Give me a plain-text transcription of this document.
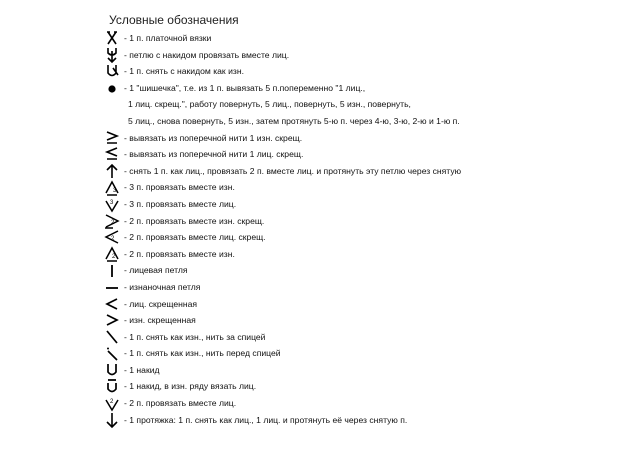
Условные обозначения
- 1 п. платочной вязки
- петлю с накидом провязать вместе лиц.
- 1 п. снять с накидом как изн.
- 1 "шишечка", т.е. из 1 п. вывязать 5 п.попеременно "1 лиц.,
1 лиц. скрещ.", работу повернуть, 5 лиц., повернуть, 5 изн., повернуть,
5 лиц., снова повернуть, 5 изн., затем протянуть 5-ю п. через 4-ю, 3-ю, 2-ю и 1-ю п.
- вывязать из поперечной нити 1 изн. скрещ.
- вывязать из поперечной нити 1 лиц. скрещ.
- снять 1 п. как лиц., провязать 2 п. вместе лиц. и протянуть эту петлю через снятую
3 - 3 п. провязать вместе изн.
3 - 3 п. провязать вместе лиц.
2 - 2 п. провязать вместе изн. скрещ.
2 - 2 п. провязать вместе лиц. скрещ.
2 - 2 п. провязать вместе изн.
- лицевая петля
- изнаночная петля
- лиц. скрещенная
- изн. скрещенная
- 1 п. снять как изн., нить за спицей
- 1 п. снять как изн., нить перед спицей
- 1 накид
- 1 накид, в изн. ряду вязать лиц.
2 - 2 п. провязать вместе лиц.
- 1 протяжка: 1 п. снять как лиц., 1 лиц. и протянуть её через снятую п.
